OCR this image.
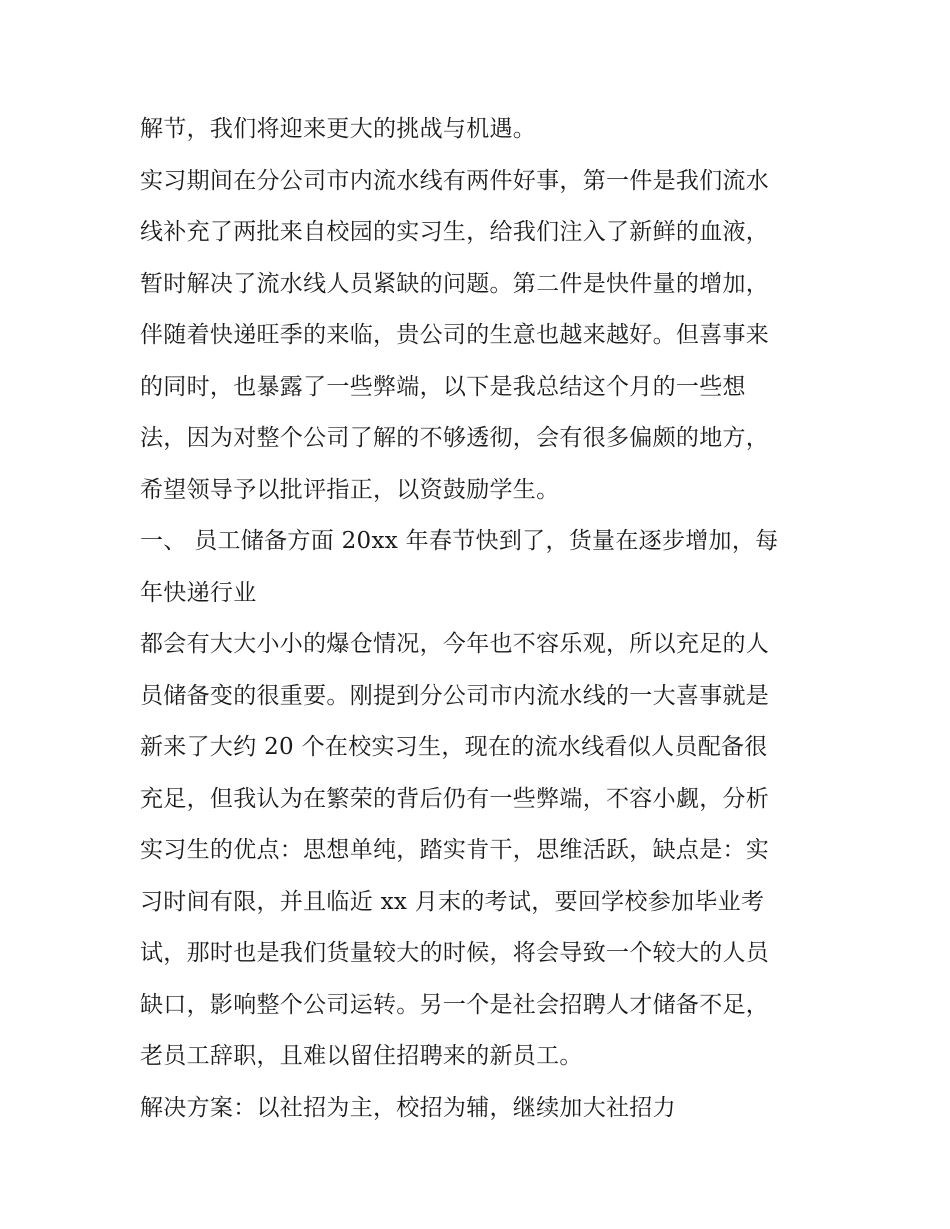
解节，我们将迎来更大的挑战与机遇。
实习期间在分公司市内流水线有两件好事，第一件是我们流水
线补充了两批来自校园的实习生，给我们注入了新鲜的血液，
暂时解决了流水线人员紧缺的问题。第二件是快件量的增加，
伴随着快递旺季的来临，贵公司的生意也越来越好。但喜事来
的同时，也暴露了一些弊端，以下是我总结这个月的一些想
法，因为对整个公司了解的不够透彻，会有很多偏颇的地方，
希望领导予以批评指正，以资鼓励学生。
一、 员工储备方面 20xx 年春节快到了，货量在逐步增加，每
年快递行业
都会有大大小小的爆仓情况，今年也不容乐观，所以充足的人
员储备变的很重要。刚提到分公司市内流水线的一大喜事就是
新来了大约 20 个在校实习生，现在的流水线看似人员配备很
充足，但我认为在繁荣的背后仍有一些弊端，不容小觑，分析
实习生的优点：思想单纯，踏实肯干，思维活跃，缺点是：实
习时间有限，并且临近 xx 月末的考试，要回学校参加毕业考
试，那时也是我们货量较大的时候，将会导致一个较大的人员
缺口，影响整个公司运转。另一个是社会招聘人才储备不足，
老员工辞职，且难以留住招聘来的新员工。
解决方案：以社招为主，校招为辅，继续加大社招力
